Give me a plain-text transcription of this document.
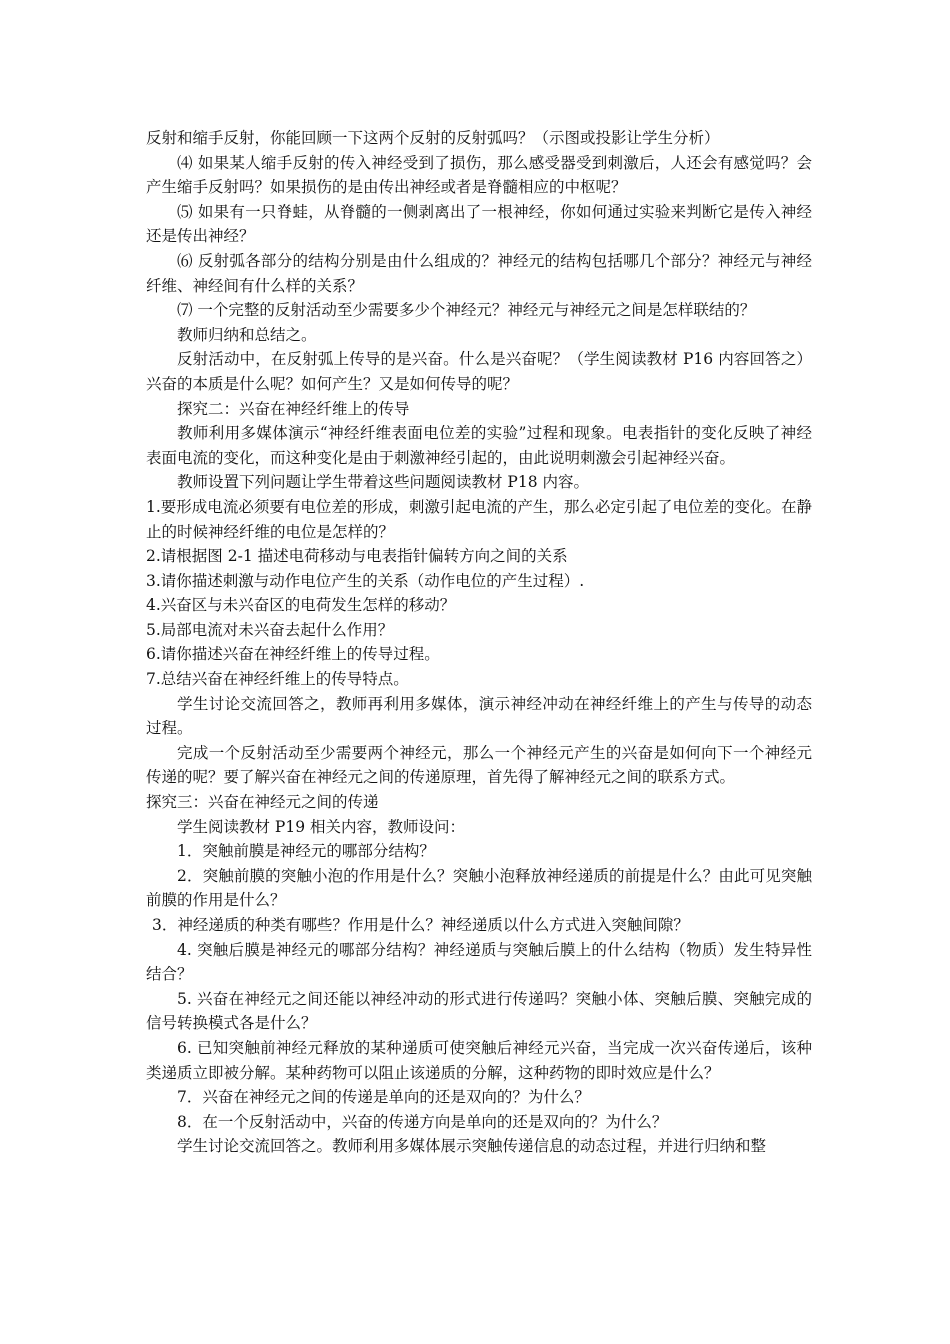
反射和缩手反射，你能回顾一下这两个反射的反射弧吗？（示图或投影让学生分析）

⑷ 如果某人缩手反射的传入神经受到了损伤，那么感受器受到刺激后，人还会有感觉吗？会产生缩手反射吗？如果损伤的是由传出神经或者是脊髓相应的中枢呢？

⑸ 如果有一只脊蛙，从脊髓的一侧剥离出了一根神经，你如何通过实验来判断它是传入神经还是传出神经？

⑹ 反射弧各部分的结构分别是由什么组成的？神经元的结构包括哪几个部分？神经元与神经纤维、神经间有什么样的关系？

⑺ 一个完整的反射活动至少需要多少个神经元？神经元与神经元之间是怎样联结的？

教师归纳和总结之。

反射活动中，在反射弧上传导的是兴奋。什么是兴奋呢？（学生阅读教材 P16 内容回答之）兴奋的本质是什么呢？如何产生？又是如何传导的呢？

探究二：兴奋在神经纤维上的传导

教师利用多媒体演示“神经纤维表面电位差的实验”过程和现象。电表指针的变化反映了神经表面电流的变化，而这种变化是由于刺激神经引起的，由此说明刺激会引起神经兴奋。

教师设置下列问题让学生带着这些问题阅读教材 P18 内容。

1.要形成电流必须要有电位差的形成，刺激引起电流的产生，那么必定引起了电位差的变化。在静止的时候神经纤维的电位是怎样的？

2.请根据图 2-1 描述电荷移动与电表指针偏转方向之间的关系

3.请你描述刺激与动作电位产生的关系（动作电位的产生过程）.

4.兴奋区与未兴奋区的电荷发生怎样的移动？

5.局部电流对未兴奋去起什么作用？

6.请你描述兴奋在神经纤维上的传导过程。

7.总结兴奋在神经纤维上的传导特点。

学生讨论交流回答之，教师再利用多媒体，演示神经冲动在神经纤维上的产生与传导的动态过程。

完成一个反射活动至少需要两个神经元，那么一个神经元产生的兴奋是如何向下一个神经元传递的呢？要了解兴奋在神经元之间的传递原理，首先得了解神经元之间的联系方式。

探究三：兴奋在神经元之间的传递

学生阅读教材 P19 相关内容，教师设问：

1．突触前膜是神经元的哪部分结构？

2．突触前膜的突触小泡的作用是什么？突触小泡释放神经递质的前提是什么？由此可见突触前膜的作用是什么？

3．神经递质的种类有哪些？作用是什么？神经递质以什么方式进入突触间隙？

4. 突触后膜是神经元的哪部分结构？神经递质与突触后膜上的什么结构（物质）发生特异性结合？

5. 兴奋在神经元之间还能以神经冲动的形式进行传递吗？突触小体、突触后膜、突触完成的信号转换模式各是什么？

6. 已知突触前神经元释放的某种递质可使突触后神经元兴奋，当完成一次兴奋传递后，该种类递质立即被分解。某种药物可以阻止该递质的分解，这种药物的即时效应是什么？

7．兴奋在神经元之间的传递是单向的还是双向的？为什么？

8．在一个反射活动中，兴奋的传递方向是单向的还是双向的？为什么？

学生讨论交流回答之。教师利用多媒体展示突触传递信息的动态过程，并进行归纳和整
